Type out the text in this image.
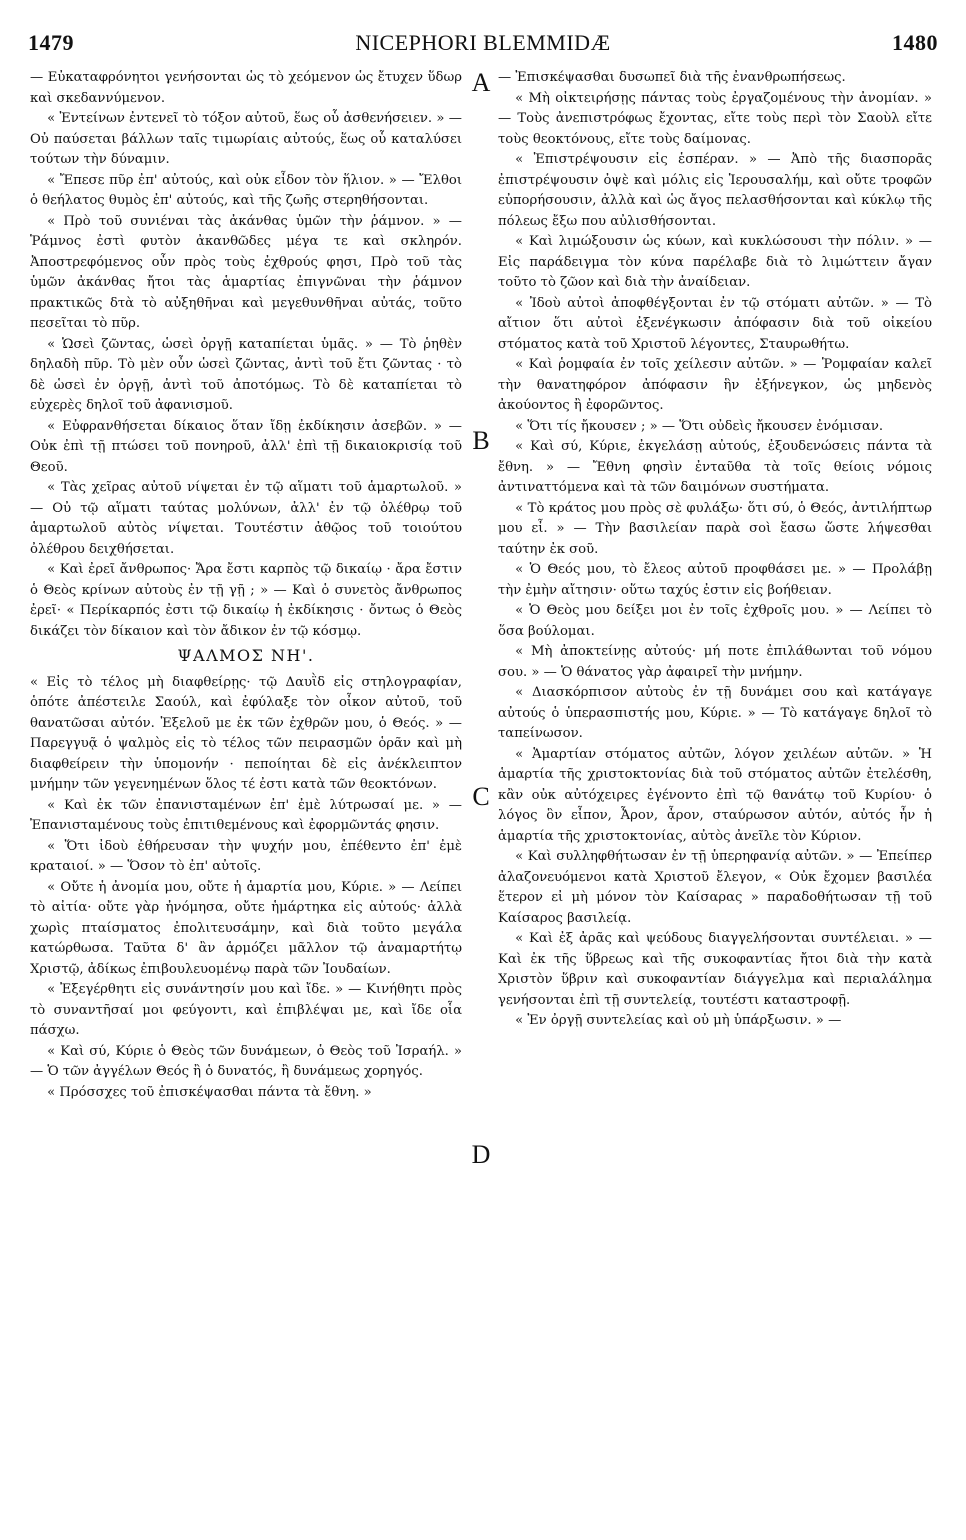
1479	NICEPHORI BLEMMIDÆ	1480
A
B
C
D

— Εὐκαταφρόνητοι γενήσονται ὡς τὸ χεόμενον ὡς ἔτυχεν ὕδωρ καὶ σκεδαννύμενον.

« Ἐντείνων ἐντενεῖ τὸ τόξον αὐτοῦ, ἕως οὗ ἀσθενήσειεν. » — Οὐ παύσεται βάλλων ταῖς τιμωρίαις αὐτούς, ἕως οὗ καταλύσει τούτων τὴν δύναμιν.

« Ἔπεσε πῦρ ἐπ' αὐτούς, καὶ οὐκ εἶδον τὸν ἥλιον. » — Ἔλθοι ὁ θεήλατος θυμὸς ἐπ' αὐτούς, καὶ τῆς ζωῆς στερηθήσονται.

« Πρὸ τοῦ συνιέναι τὰς ἀκάνθας ὑμῶν τὴν ῥάμνον. » — Ῥάμνος ἐστὶ φυτὸν ἀκανθῶδες μέγα τε καὶ σκληρόν. Ἀποστρεφόμενος οὖν πρὸς τοὺς ἐχθρούς φησι, Πρὸ τοῦ τὰς ὑμῶν ἀκάνθας ἤτοι τὰς ἁμαρτίας ἐπιγνῶναι τὴν ῥάμνον πρακτικῶς δτὰ τὸ αὐξηθῆναι καὶ μεγεθυνθῆναι αὐτάς, τοῦτο πεσεῖται τὸ πῦρ.

« Ὡσεὶ ζῶντας, ὡσεὶ ὀργῇ καταπίεται ὑμᾶς. » — Τὸ ῥηθὲν δηλαδὴ πῦρ. Τὸ μὲν οὖν ὡσεὶ ζῶντας, ἀντὶ τοῦ ἔτι ζῶντας · τὸ δὲ ὡσεὶ ἐν ὀργῇ, ἀντὶ τοῦ ἀποτόμως. Τὸ δὲ καταπίεται τὸ εὐχερὲς δηλοῖ τοῦ ἀφανισμοῦ.

« Εὐφρανθήσεται δίκαιος ὅταν ἴδῃ ἐκδίκησιν ἀσεβῶν. » — Οὐκ ἐπὶ τῇ πτώσει τοῦ πονηροῦ, ἀλλ' ἐπὶ τῇ δικαιοκρισίᾳ τοῦ Θεοῦ.

« Τὰς χεῖρας αὐτοῦ νίψεται ἐν τῷ αἵματι τοῦ ἁμαρτωλοῦ. » — Οὐ τῷ αἵματι ταύτας μολύνων, ἀλλ' ἐν τῷ ὀλέθρῳ τοῦ ἁμαρτωλοῦ αὐτὸς νίψεται. Τουτέστιν ἀθῷος τοῦ τοιούτου ὀλέθρου δειχθήσεται.

« Καὶ ἐρεῖ ἄνθρωπος· Ἄρα ἔστι καρπὸς τῷ δικαίῳ · ἄρα ἔστιν ὁ Θεὸς κρίνων αὐτοὺς ἐν τῇ γῇ ; » — Καὶ ὁ συνετὸς ἄνθρωπος ἐρεῖ· « Περίκαρπός ἐστι τῷ δικαίῳ ἡ ἐκδίκησις · ὄντως ὁ Θεὸς δικάζει τὸν δίκαιον καὶ τὸν ἄδικον ἐν τῷ κόσμῳ.

ΨΑΛΜΟΣ ΝΗ'.

« Εἰς τὸ τέλος μὴ διαφθείρῃς· τῷ Δαυῒδ εἰς στηλογραφίαν, ὁπότε ἀπέστειλε Σαούλ, καὶ ἐφύλαξε τὸν οἶκον αὐτοῦ, τοῦ θανατῶσαι αὐτόν. Ἐξελοῦ με ἐκ τῶν ἐχθρῶν μου, ὁ Θεός. » — Παρεγγυᾷ ὁ ψαλμὸς εἰς τὸ τέλος τῶν πειρασμῶν ὁρᾶν καὶ μὴ διαφθείρειν τὴν ὑπομονήν · πεποίηται δὲ εἰς ἀνέκλειπτον μνήμην τῶν γεγενημένων ὅλος τέ ἐστι κατὰ τῶν θεοκτόνων.

« Καὶ ἐκ τῶν ἐπανισταμένων ἐπ' ἐμὲ λύτρωσαί με. » — Ἐπανισταμένους τοὺς ἐπιτιθεμένους καὶ ἐφορμῶντάς φησιν.

« Ὅτι ἰδοὺ ἐθήρευσαν τὴν ψυχήν μου, ἐπέθεντο ἐπ' ἐμὲ κραταιοί. » — Ὅσον τὸ ἐπ' αὐτοῖς.

« Οὔτε ἡ ἀνομία μου, οὔτε ἡ ἁμαρτία μου, Κύριε. » — Λείπει τὸ αἰτία· οὔτε γὰρ ἠνόμησα, οὔτε ἡμάρτηκα εἰς αὐτούς· ἀλλὰ χωρὶς πταίσματος ἐπολιτευσάμην, καὶ διὰ τοῦτο μεγάλα κατώρθωσα. Ταῦτα δ' ἂν ἁρμόζει μᾶλλον τῷ ἀναμαρτήτῳ Χριστῷ, ἀδίκως ἐπιβουλευομένῳ παρὰ τῶν Ἰουδαίων.

« Ἐξεγέρθητι εἰς συνάντησίν μου καὶ ἴδε. » — Κινήθητι πρὸς τὸ συναντῆσαί μοι φεύγοντι, καὶ ἐπιβλέψαι με, καὶ ἴδε οἷα πάσχω.

« Καὶ σύ, Κύριε ὁ Θεὸς τῶν δυνάμεων, ὁ Θεὸς τοῦ Ἰσραήλ. » — Ὁ τῶν ἀγγέλων Θεός ἢ ὁ δυνατός, ἢ δυνάμεως χορηγός.

« Πρόσσχες τοῦ ἐπισκέψασθαι πάντα τὰ ἔθνη. »

— Ἐπισκέψασθαι δυσωπεῖ διὰ τῆς ἐνανθρωπήσεως.

« Μὴ οἰκτειρήσῃς πάντας τοὺς ἐργαζομένους τὴν ἀνομίαν. » — Τοὺς ἀνεπιστρόφως ἔχοντας, εἴτε τοὺς περὶ τὸν Σαοὺλ εἴτε τοὺς θεοκτόνους, εἴτε τοὺς δαίμονας.

« Ἐπιστρέψουσιν εἰς ἑσπέραν. » — Ἀπὸ τῆς διασπορᾶς ἐπιστρέψουσιν ὀψὲ καὶ μόλις εἰς Ἱερουσαλήμ, καὶ οὔτε τροφῶν εὐπορήσουσιν, ἀλλὰ καὶ ὡς ἄγος πελασθήσονται καὶ κύκλῳ τῆς πόλεως ἔξω που αὐλισθήσονται.

« Καὶ λιμώξουσιν ὡς κύων, καὶ κυκλώσουσι τὴν πόλιν. » — Εἰς παράδειγμα τὸν κύνα παρέλαβε διὰ τὸ λιμώττειν ἄγαν τοῦτο τὸ ζῶον καὶ διὰ τὴν ἀναίδειαν.

« Ἰδοὺ αὐτοὶ ἀποφθέγξονται ἐν τῷ στόματι αὐτῶν. » — Τὸ αἴτιον ὅτι αὐτοὶ ἐξενέγκωσιν ἀπόφασιν διὰ τοῦ οἰκείου στόματος κατὰ τοῦ Χριστοῦ λέγοντες, Σταυρωθήτω.

« Καὶ ῥομφαία ἐν τοῖς χείλεσιν αὐτῶν. » — Ῥομφαίαν καλεῖ τὴν θανατηφόρον ἀπόφασιν ἣν ἐξήνεγκον, ὡς μηδενὸς ἀκούοντος ἢ ἐφορῶντος.

« Ὅτι τίς ἤκουσεν ; » — Ὅτι οὐδεὶς ἤκουσεν ἐνόμισαν.

« Καὶ σύ, Κύριε, ἐκγελάσῃ αὐτούς, ἐξουδενώσεις πάντα τὰ ἔθνη. » — Ἔθνη φησὶν ἐνταῦθα τὰ τοῖς θείοις νόμοις ἀντιναττόμενα καὶ τὰ τῶν δαιμόνων συστήματα.

« Τὸ κράτος μου πρὸς σὲ φυλάξω· ὅτι σύ, ὁ Θεός, ἀντιλήπτωρ μου εἶ. » — Τὴν βασιλείαν παρὰ σοὶ ἔασω ὥστε λήψεσθαι ταύτην ἐκ σοῦ.

« Ὁ Θεός μου, τὸ ἔλεος αὐτοῦ προφθάσει με. » — Προλάβῃ τὴν ἐμὴν αἴτησιν· οὕτω ταχύς ἐστιν εἰς βοήθειαν.

« Ὁ Θεὸς μου δείξει μοι ἐν τοῖς ἐχθροῖς μου. » — Λείπει τὸ ὅσα βούλομαι.

« Μὴ ἀποκτείνῃς αὐτούς· μή ποτε ἐπιλάθωνται τοῦ νόμου σου. » — Ὁ θάνατος γὰρ ἀφαιρεῖ τὴν μνήμην.

« Διασκόρπισον αὐτοὺς ἐν τῇ δυνάμει σου καὶ κατάγαγε αὐτούς ὁ ὑπερασπιστής μου, Κύριε. » — Τὸ κατάγαγε δηλοῖ τὸ ταπείνωσον.

« Ἁμαρτίαν στόματος αὐτῶν, λόγον χειλέων αὐτῶν. » Ἡ ἁμαρτία τῆς χριστοκτονίας διὰ τοῦ στόματος αὐτῶν ἐτελέσθη, κἂν οὐκ αὐτόχειρες ἐγένοντο ἐπὶ τῷ θανάτῳ τοῦ Κυρίου· ὁ λόγος ὃν εἶπον, Ἆρον, ἆρον, σταύρωσον αὐτόν, αὐτός ἦν ἡ ἁμαρτία τῆς χριστοκτονίας, αὐτὸς ἀνεῖλε τὸν Κύριον.

« Καὶ συλληφθήτωσαν ἐν τῇ ὑπερηφανίᾳ αὐτῶν. » — Ἐπείπερ ἀλαζονευόμενοι κατὰ Χριστοῦ ἔλεγον, « Οὐκ ἔχομεν βασιλέα ἕτερον εἰ μὴ μόνον τὸν Καίσαρας » παραδοθήτωσαν τῇ τοῦ Καίσαρος βασιλείᾳ.

« Καὶ ἐξ ἀρᾶς καὶ ψεύδους διαγγελήσονται συντέλειαι. » — Καὶ ἐκ τῆς ὕβρεως καὶ τῆς συκοφαντίας ἤτοι διὰ τὴν κατὰ Χριστὸν ὕβριν καὶ συκοφαντίαν διάγγελμα καὶ περιαλάλημα γενήσονται ἐπὶ τῇ συντελείᾳ, τουτέστι καταστροφῇ.

« Ἐν ὀργῇ συντελείας καὶ οὐ μὴ ὑπάρξωσιν. » —
